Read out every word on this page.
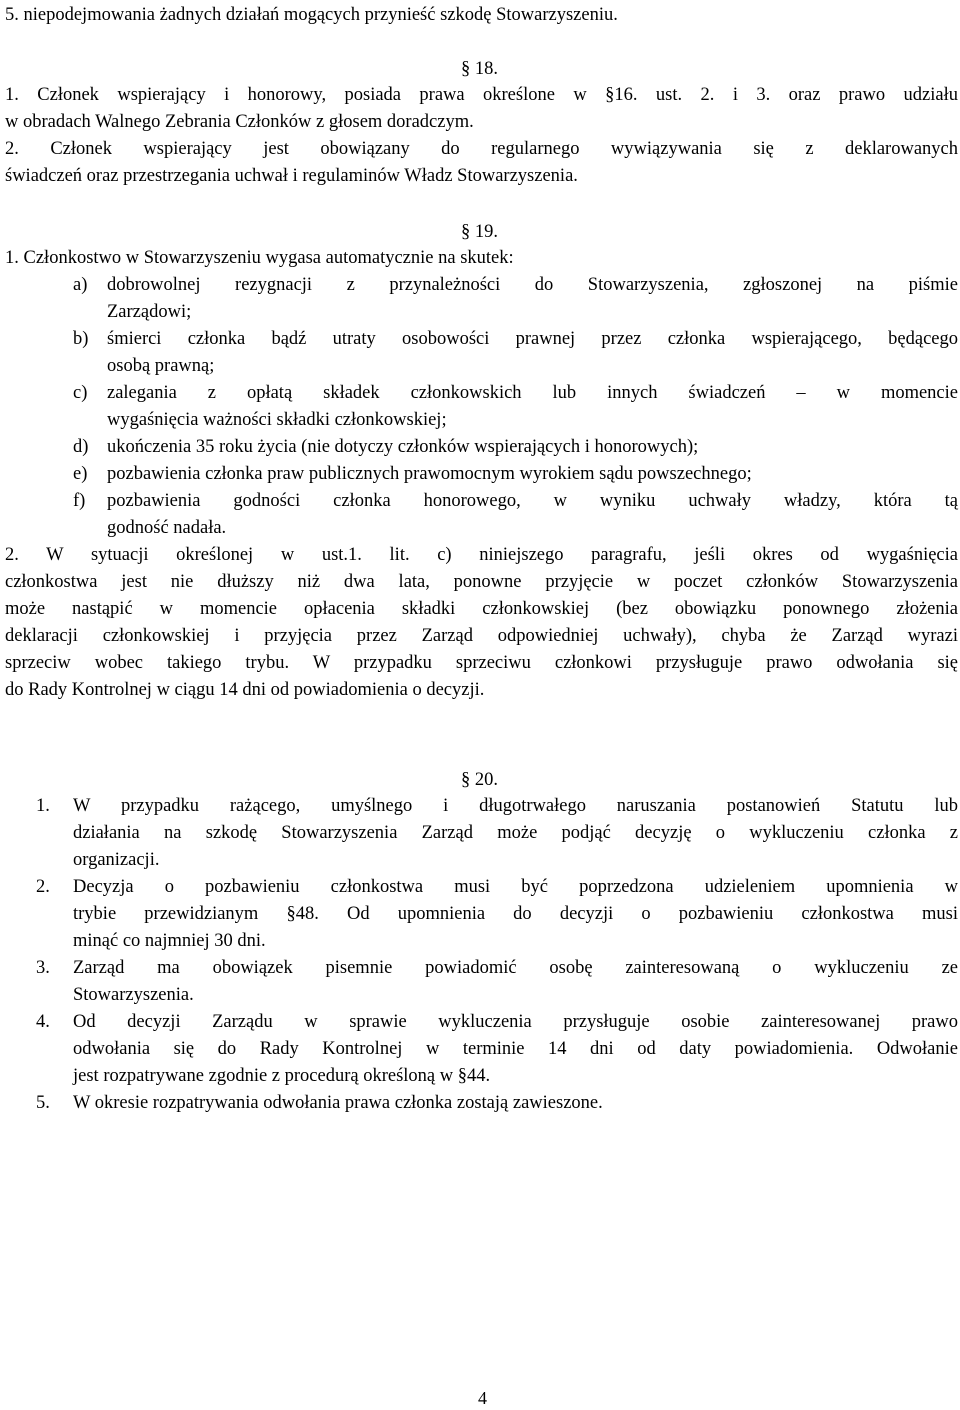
5. niepodejmowania żadnych działań mogących przynieść szkodę Stowarzyszeniu.

§ 18.

1. Członek wspierający i honorowy, posiada prawa określone w §16. ust. 2. i 3. oraz prawo udziału

w obradach Walnego Zebrania Członków z głosem doradczym.

2. Członek wspierający jest obowiązany do regularnego wywiązywania się z deklarowanych

świadczeń oraz przestrzegania uchwał i regulaminów Władz Stowarzyszenia.

§ 19.

1. Członkostwo w Stowarzyszeniu wygasa automatycznie na skutek:

a) dobrowolnej rezygnacji z przynależności do Stowarzyszenia, zgłoszonej na piśmie

Zarządowi;

b) śmierci członka bądź utraty osobowości prawnej przez członka wspierającego, będącego

osobą prawną;

c) zalegania z opłatą składek członkowskich lub innych świadczeń – w momencie

wygaśnięcia ważności składki członkowskiej;

d) ukończenia 35 roku życia (nie dotyczy członków wspierających i honorowych);

e) pozbawienia członka praw publicznych prawomocnym wyrokiem sądu powszechnego;

f) pozbawienia godności członka honorowego, w wyniku uchwały władzy, która tą

godność nadała.

2. W sytuacji określonej w ust.1. lit. c) niniejszego paragrafu, jeśli okres od wygaśnięcia

członkostwa jest nie dłuższy niż dwa lata, ponowne przyjęcie w poczet członków Stowarzyszenia

może nastąpić w momencie opłacenia składki członkowskiej (bez obowiązku ponownego złożenia

deklaracji członkowskiej i przyjęcia przez Zarząd odpowiedniej uchwały), chyba że Zarząd wyrazi

sprzeciw wobec takiego trybu. W przypadku sprzeciwu członkowi przysługuje prawo odwołania się

do Rady Kontrolnej w ciągu 14 dni od powiadomienia o decyzji.

§ 20.

1. W przypadku rażącego, umyślnego i długotrwałego naruszania postanowień Statutu lub

działania na szkodę Stowarzyszenia Zarząd może podjąć decyzję o wykluczeniu członka z

organizacji.

2. Decyzja o pozbawieniu członkostwa musi być poprzedzona udzieleniem upomnienia w

trybie przewidzianym §48. Od upomnienia do decyzji o pozbawieniu członkostwa musi

minąć co najmniej 30 dni.

3. Zarząd ma obowiązek pisemnie powiadomić osobę zainteresowaną o wykluczeniu ze

Stowarzyszenia.

4. Od decyzji Zarządu w sprawie wykluczenia przysługuje osobie zainteresowanej prawo

odwołania się do Rady Kontrolnej w terminie 14 dni od daty powiadomienia. Odwołanie

jest rozpatrywane zgodnie z procedurą określoną w §44.

5. W okresie rozpatrywania odwołania prawa członka zostają zawieszone.

4
